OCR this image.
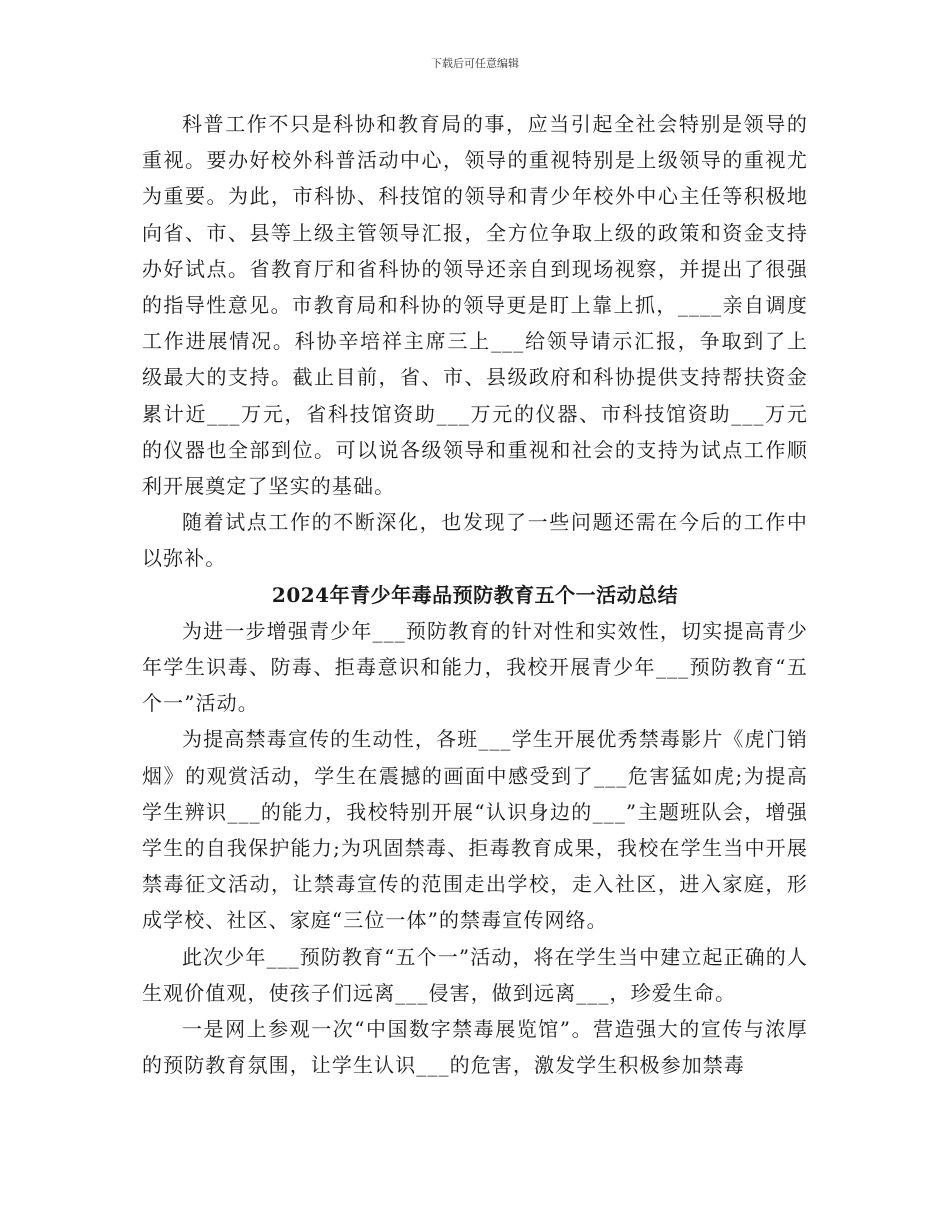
下载后可任意编辑

科普工作不只是科协和教育局的事，应当引起全社会特别是领导的重视。要办好校外科普活动中心，领导的重视特别是上级领导的重视尤为重要。为此，市科协、科技馆的领导和青少年校外中心主任等积极地向省、市、县等上级主管领导汇报，全方位争取上级的政策和资金支持办好试点。省教育厅和省科协的领导还亲自到现场视察，并提出了很强的指导性意见。市教育局和科协的领导更是盯上靠上抓，____亲自调度工作进展情况。科协辛培祥主席三上___给领导请示汇报，争取到了上级最大的支持。截止目前，省、市、县级政府和科协提供支持帮扶资金累计近___万元，省科技馆资助___万元的仪器、市科技馆资助___万元的仪器也全部到位。可以说各级领导和重视和社会的支持为试点工作顺利开展奠定了坚实的基础。

随着试点工作的不断深化，也发现了一些问题还需在今后的工作中以弥补。

2024年青少年毒品预防教育五个一活动总结

为进一步增强青少年___预防教育的针对性和实效性，切实提高青少年学生识毒、防毒、拒毒意识和能力，我校开展青少年___预防教育“五个一”活动。

为提高禁毒宣传的生动性，各班___学生开展优秀禁毒影片《虎门销烟》的观赏活动，学生在震撼的画面中感受到了___危害猛如虎;为提高学生辨识___的能力，我校特别开展“认识身边的___”主题班队会，增强学生的自我保护能力;为巩固禁毒、拒毒教育成果，我校在学生当中开展禁毒征文活动，让禁毒宣传的范围走出学校，走入社区，进入家庭，形成学校、社区、家庭“三位一体”的禁毒宣传网络。

此次少年___预防教育“五个一”活动，将在学生当中建立起正确的人生观价值观，使孩子们远离___侵害，做到远离___，珍爱生命。

一是网上参观一次“中国数字禁毒展览馆”。营造强大的宣传与浓厚的预防教育氛围，让学生认识___的危害，激发学生积极参加禁毒
